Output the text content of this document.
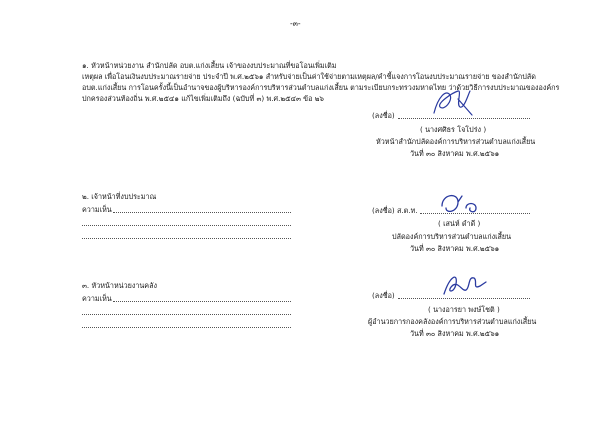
-๓-
๑. หัวหน้าหน่วยงาน สำนักปลัด อบต.แก่งเสี้ยน เจ้าของงบประมาณที่ขอโอนเพิ่มเติม
เหตุผล เพื่อโอนเงินงบประมาณรายจ่าย ประจำปี พ.ศ.๒๕๖๑ สำหรับจ่ายเป็นค่าใช้จ่ายตามเหตุผล/คำชี้แจงการโอนงบประมาณรายจ่าย ของสำนักปลัด
อบต.แก่งเสี้ยน การโอนครั้งนี้เป็นอำนาจของผู้บริหารองค์การบริหารส่วนตำบลแก่งเสี้ยน ตามระเบียบกระทรวงมหาดไทย ว่าด้วยวิธีการงบประมาณขององค์กร
ปกครองส่วนท้องถิ่น พ.ศ.๒๕๔๑ แก้ไขเพิ่มเติมถึง (ฉบับที่ ๓) พ.ศ.๒๕๔๓ ข้อ ๒๖
(ลงชื่อ)
( นางศศิธร โจโปร่ง )
หัวหน้าสำนักปลัดองค์การบริหารส่วนตำบลแก่งเสี้ยน
วันที่ ๓๐ สิงหาคม พ.ศ.๒๕๖๑
๒. เจ้าหน้าที่งบประมาณ
ความเห็น	(ลงชื่อ) ส.ต.ท.
( เสน่ห์ ดำดี )
ปลัดองค์การบริหารส่วนตำบลแก่งเสี้ยน
วันที่ ๓๐ สิงหาคม พ.ศ.๒๕๖๑
๓. หัวหน้าหน่วยงานคลัง
ความเห็น	(ลงชื่อ)
( นางอารยา พงษ์โชติ )
ผู้อำนวยการกองคลังองค์การบริหารส่วนตำบลแก่งเสี้ยน
วันที่ ๓๐ สิงหาคม พ.ศ.๒๕๖๑
